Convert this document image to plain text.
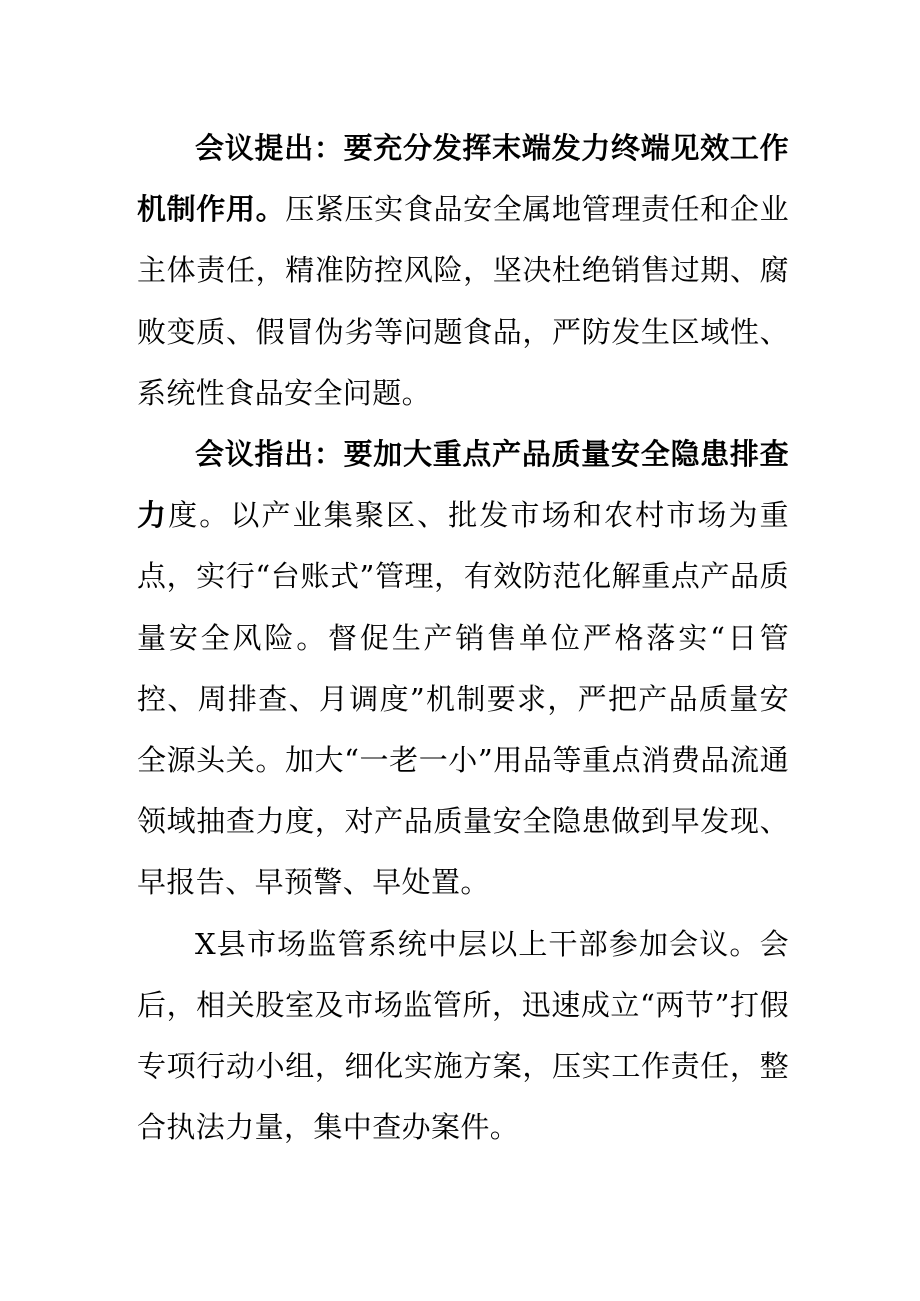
会议提出：要充分发挥末端发力终端见效工作机制作用。压紧压实食品安全属地管理责任和企业主体责任，精准防控风险，坚决杜绝销售过期、腐败变质、假冒伪劣等问题食品，严防发生区域性、系统性食品安全问题。

会议指出：要加大重点产品质量安全隐患排查力度。以产业集聚区、批发市场和农村市场为重点，实行“台账式”管理，有效防范化解重点产品质量安全风险。督促生产销售单位严格落实“日管控、周排查、月调度”机制要求，严把产品质量安全源头关。加大“一老一小”用品等重点消费品流通领域抽查力度，对产品质量安全隐患做到早发现、早报告、早预警、早处置。

X县市场监管系统中层以上干部参加会议。会后，相关股室及市场监管所，迅速成立“两节”打假专项行动小组，细化实施方案，压实工作责任，整合执法力量，集中查办案件。
